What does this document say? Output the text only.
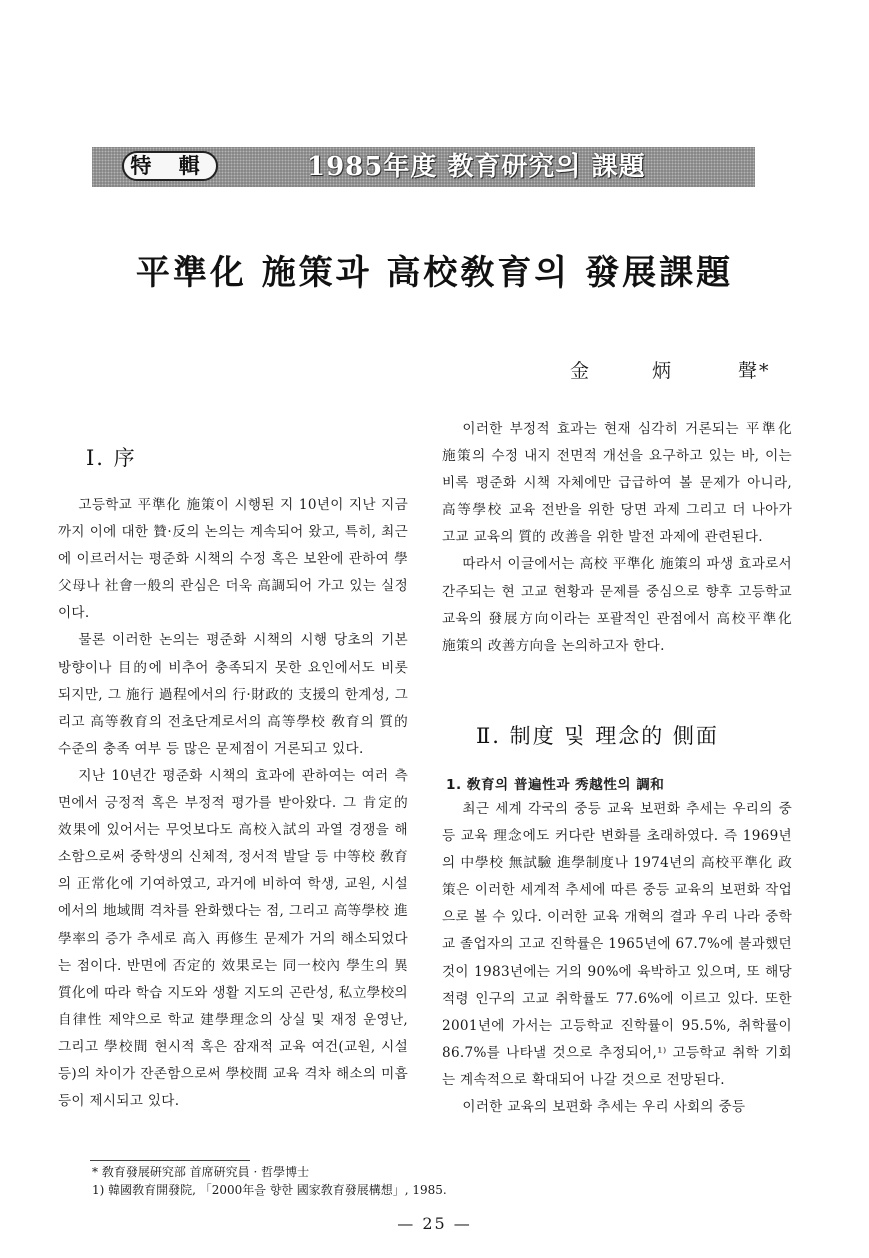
特 輯	1985年度 教育研究의 課題
平準化 施策과 高校敎育의 發展課題
金	炳	聲*
Ⅰ. 序

고등학교 平準化 施策이 시행된 지 10년이 지난 지금까지 이에 대한 贊·反의 논의는 계속되어 왔고, 특히, 최근에 이르러서는 평준화 시책의 수정 혹은 보완에 관하여 學父母나 社會一般의 관심은 더욱 高調되어 가고 있는 실정이다.

물론 이러한 논의는 평준화 시책의 시행 당초의 기본 방향이나 目的에 비추어 충족되지 못한 요인에서도 비롯되지만, 그 施行 過程에서의 行·財政的 支援의 한계성, 그리고 高等敎育의 전초단계로서의 高等學校 敎育의 質的 수준의 충족 여부 등 많은 문제점이 거론되고 있다.

지난 10년간 평준화 시책의 효과에 관하여는 여러 측면에서 긍정적 혹은 부정적 평가를 받아왔다. 그 肯定的 效果에 있어서는 무엇보다도 高校入試의 과열 경쟁을 해소함으로써 중학생의 신체적, 정서적 발달 등 中等校 敎育의 正常化에 기여하였고, 과거에 비하여 학생, 교원, 시설에서의 地域間 격차를 완화했다는 점, 그리고 高等學校 進學率의 증가 추세로 高入 再修生 문제가 거의 해소되었다는 점이다. 반면에 否定的 效果로는 同一校內 學生의 異質化에 따라 학습 지도와 생활 지도의 곤란성, 私立學校의 自律性 제약으로 학교 建學理念의 상실 및 재정 운영난, 그리고 學校間 현시적 혹은 잠재적 교육 여건(교원, 시설 등)의 차이가 잔존함으로써 學校間 교육 격차 해소의 미흡 등이 제시되고 있다.

이러한 부정적 효과는 현재 심각히 거론되는 平準化 施策의 수정 내지 전면적 개선을 요구하고 있는 바, 이는 비록 평준화 시책 자체에만 급급하여 볼 문제가 아니라, 高等學校 교육 전반을 위한 당면 과제 그리고 더 나아가 고교 교육의 質的 改善을 위한 발전 과제에 관련된다.

따라서 이글에서는 高校 平準化 施策의 파생 효과로서 간주되는 현 고교 현황과 문제를 중심으로 향후 고등학교 교육의 發展方向이라는 포괄적인 관점에서 高校平準化 施策의 改善方向을 논의하고자 한다.

Ⅱ. 制度 및 理念的 側面
1. 敎育의 普遍性과 秀越性의 調和

최근 세계 각국의 중등 교육 보편화 추세는 우리의 중등 교육 理念에도 커다란 변화를 초래하였다. 즉 1969년의 中學校 無試驗 進學制度나 1974년의 高校平準化 政策은 이러한 세계적 추세에 따른 중등 교육의 보편화 작업으로 볼 수 있다. 이러한 교육 개혁의 결과 우리 나라 중학교 졸업자의 고교 진학률은 1965년에 67.7%에 불과했던 것이 1983년에는 거의 90%에 육박하고 있으며, 또 해당 적령 인구의 고교 취학률도 77.6%에 이르고 있다. 또한 2001년에 가서는 고등학교 진학률이 95.5%, 취학률이 86.7%를 나타낼 것으로 추정되어,¹⁾ 고등학교 취학 기회는 계속적으로 확대되어 나갈 것으로 전망된다.

이러한 교육의 보편화 추세는 우리 사회의 중등

* 敎育發展硏究部 首席硏究員 · 哲學博士
1) 韓國敎育開發院, 「2000年을 향한 國家敎育發展構想」, 1985.
— 25 —
